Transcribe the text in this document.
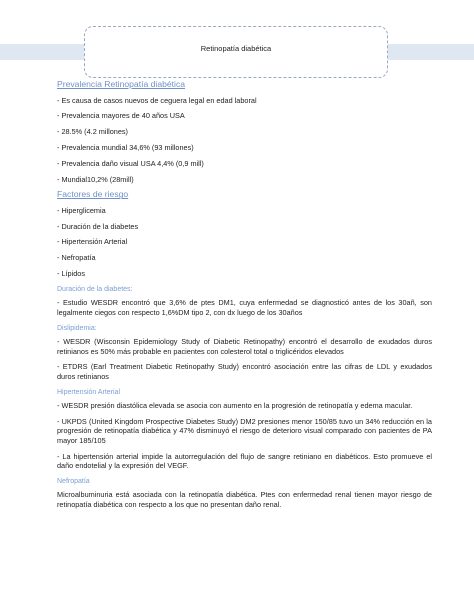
Retinopatía diabética
Prevalencia Retinopatía diabética
- Es causa de casos nuevos de ceguera legal en edad laboral
- Prevalencia mayores de 40 años USA
- 28.5% (4.2 millones)
- Prevalencia mundial 34,6% (93 millones)
- Prevalencia daño visual USA 4,4% (0,9 mill)
- Mundial10,2% (28mill)
Factores de riesgo
- Hiperglicemia
- Duración de la diabetes
- Hipertensión Arterial
- Nefropatía
- Lípidos
Duración de la diabetes:
- Estudio WESDR encontró que 3,6% de ptes DM1, cuya enfermedad se diagnosticó antes de los 30añ, son legalmente ciegos con respecto 1,6%DM tipo 2, con dx luego de los 30años
Dislipidemia:
- WESDR (Wisconsin Epidemiology Study of Diabetic Retinopathy) encontró el desarrollo de exudados duros retinianos es 50% más probable en pacientes con colesterol total o triglicéridos elevados
- ETDRS (Earl Treatment Diabetic Retinopathy Study) encontró asociación entre las cifras de LDL y exudados duros retinianos
Hipertensión Arterial
- WESDR presión diastólica elevada se asocia con aumento en la progresión de retinopatía y edema macular.
- UKPDS (United Kingdom Prospective Diabetes Study) DM2 presiones menor 150/85 tuvo un 34% reducción en la progresión de retinopatía diabética y 47% disminuyó el riesgo de deterioro visual comparado con pacientes de PA mayor 185/105
- La hipertensión arterial impide la autorregulación del flujo de sangre retiniano en diabéticos. Esto promueve el daño endotelial y la expresión del VEGF.
Nefropatía
Microalbuminuria está asociada con la retinopatía diabética. Ptes con enfermedad renal tienen mayor riesgo de retinopatía diabética con respecto a los que no presentan daño renal.
